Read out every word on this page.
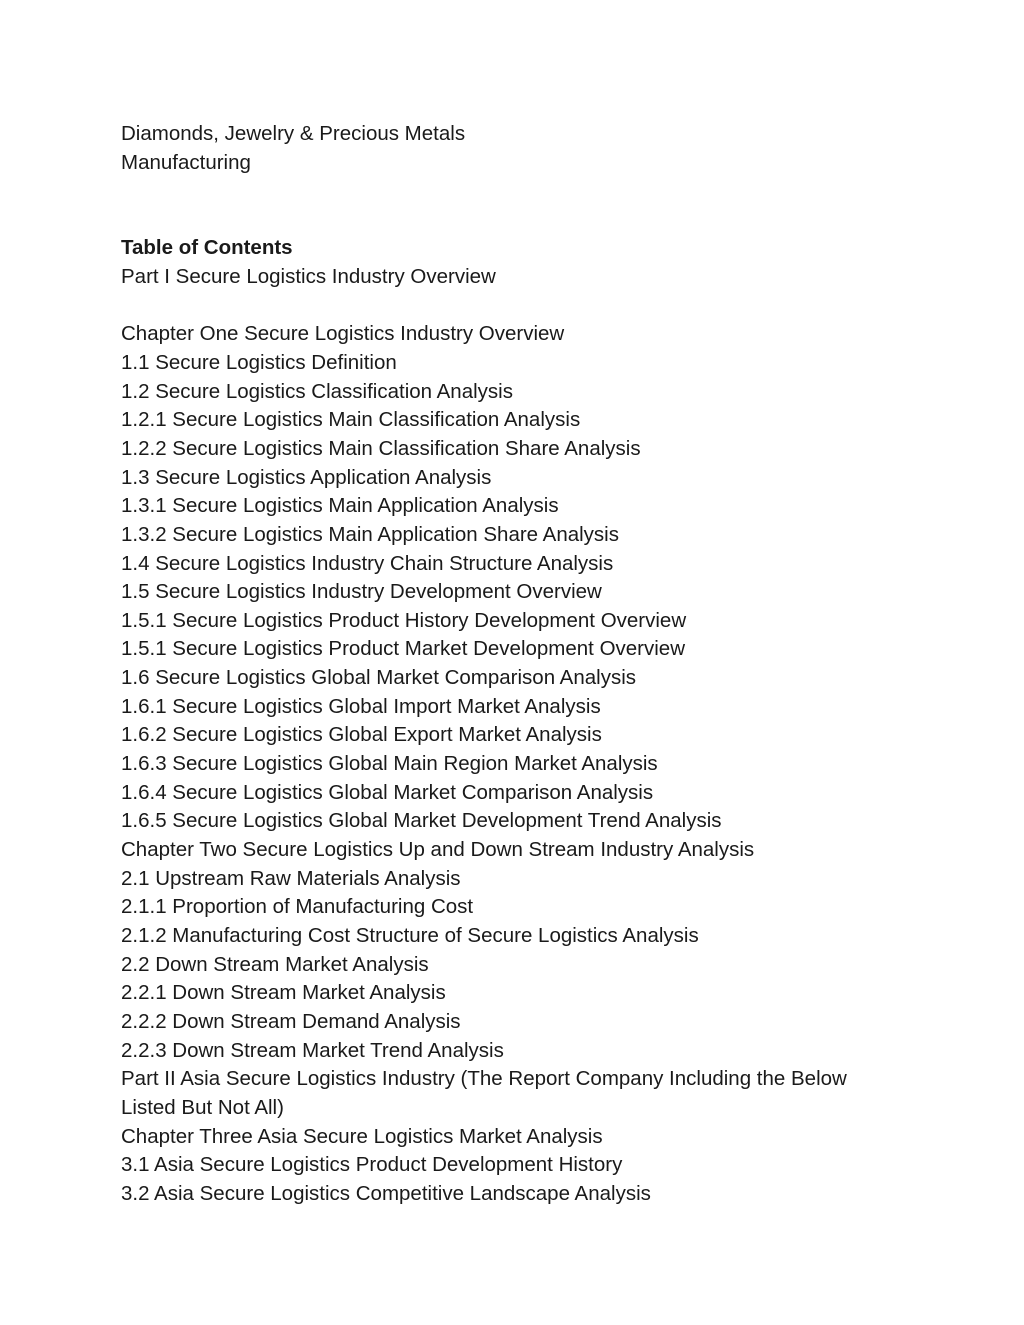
Diamonds, Jewelry & Precious Metals
Manufacturing
Table of Contents
Part I Secure Logistics Industry Overview
Chapter One Secure Logistics Industry Overview
1.1 Secure Logistics Definition
1.2 Secure Logistics Classification Analysis
1.2.1 Secure Logistics Main Classification Analysis
1.2.2 Secure Logistics Main Classification Share Analysis
1.3 Secure Logistics Application Analysis
1.3.1 Secure Logistics Main Application Analysis
1.3.2 Secure Logistics Main Application Share Analysis
1.4 Secure Logistics Industry Chain Structure Analysis
1.5 Secure Logistics Industry Development Overview
1.5.1 Secure Logistics Product History Development Overview
1.5.1 Secure Logistics Product Market Development Overview
1.6 Secure Logistics Global Market Comparison Analysis
1.6.1 Secure Logistics Global Import Market Analysis
1.6.2 Secure Logistics Global Export Market Analysis
1.6.3 Secure Logistics Global Main Region Market Analysis
1.6.4 Secure Logistics Global Market Comparison Analysis
1.6.5 Secure Logistics Global Market Development Trend Analysis
Chapter Two Secure Logistics Up and Down Stream Industry Analysis
2.1 Upstream Raw Materials Analysis
2.1.1 Proportion of Manufacturing Cost
2.1.2 Manufacturing Cost Structure of Secure Logistics Analysis
2.2 Down Stream Market Analysis
2.2.1 Down Stream Market Analysis
2.2.2 Down Stream Demand Analysis
2.2.3 Down Stream Market Trend Analysis
Part II Asia Secure Logistics Industry (The Report Company Including the Below Listed But Not All)
Chapter Three Asia Secure Logistics Market Analysis
3.1 Asia Secure Logistics Product Development History
3.2 Asia Secure Logistics Competitive Landscape Analysis
